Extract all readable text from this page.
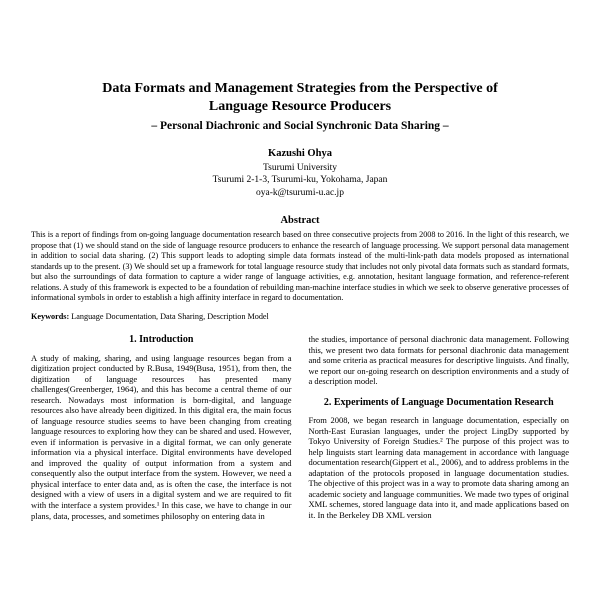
Data Formats and Management Strategies from the Perspective of Language Resource Producers
– Personal Diachronic and Social Synchronic Data Sharing –
Kazushi Ohya
Tsurumi University
Tsurumi 2-1-3, Tsurumi-ku, Yokohama, Japan
oya-k@tsurumi-u.ac.jp
Abstract

This is a report of findings from on-going language documentation research based on three consecutive projects from 2008 to 2016. In the light of this research, we propose that (1) we should stand on the side of language resource producers to enhance the research of language processing. We support personal data management in addition to social data sharing. (2) This support leads to adopting simple data formats instead of the multi-link-path data models proposed as international standards up to the present. (3) We should set up a framework for total language resource study that includes not only pivotal data formats such as standard formats, but also the surroundings of data formation to capture a wider range of language activities, e.g. annotation, hesitant language formation, and reference-referent relations. A study of this framework is expected to be a foundation of rebuilding man-machine interface studies in which we seek to observe generative processes of informational symbols in order to establish a high affinity interface in regard to documentation.

Keywords: Language Documentation, Data Sharing, Description Model

1. Introduction

A study of making, sharing, and using language resources began from a digitization project conducted by R.Busa, 1949(Busa, 1951), from then, the digitization of language resources has presented many challenges(Greenberger, 1964), and this has become a central theme of our research. Nowadays most information is born-digital, and language resources also have already been digitized. In this digital era, the main focus of language resource studies seems to have been changing from creating language resources to exploring how they can be shared and used. However, even if information is pervasive in a digital format, we can only generate information via a physical interface. Digital environments have developed and improved the quality of output information from a system and consequently also the output interface from the system. However, we need a physical interface to enter data and, as is often the case, the interface is not designed with a view of users in a digital system and we are required to fit with the interface a system provides.¹ In this case, we have to change in our plans, data, processes, and sometimes philosophy on entering data in

the studies, importance of personal diachronic data management. Following this, we present two data formats for personal diachronic data management and some criteria as practical measures for descriptive linguists. And finally, we report our on-going research on description environments and a study of a description model.

2. Experiments of Language Documentation Research

From 2008, we began research in language documentation, especially on North-East Eurasian languages, under the project LingDy supported by Tokyo University of Foreign Studies.² The purpose of this project was to help linguists start learning data management in accordance with language documentation research(Gippert et al., 2006), and to address problems in the adaptation of the protocols proposed in language documentation studies. The objective of this project was in a way to promote data sharing among an academic society and language communities. We made two types of original XML schemes, stored language data into it, and made applications based on it. In the Berkeley DB XML version
